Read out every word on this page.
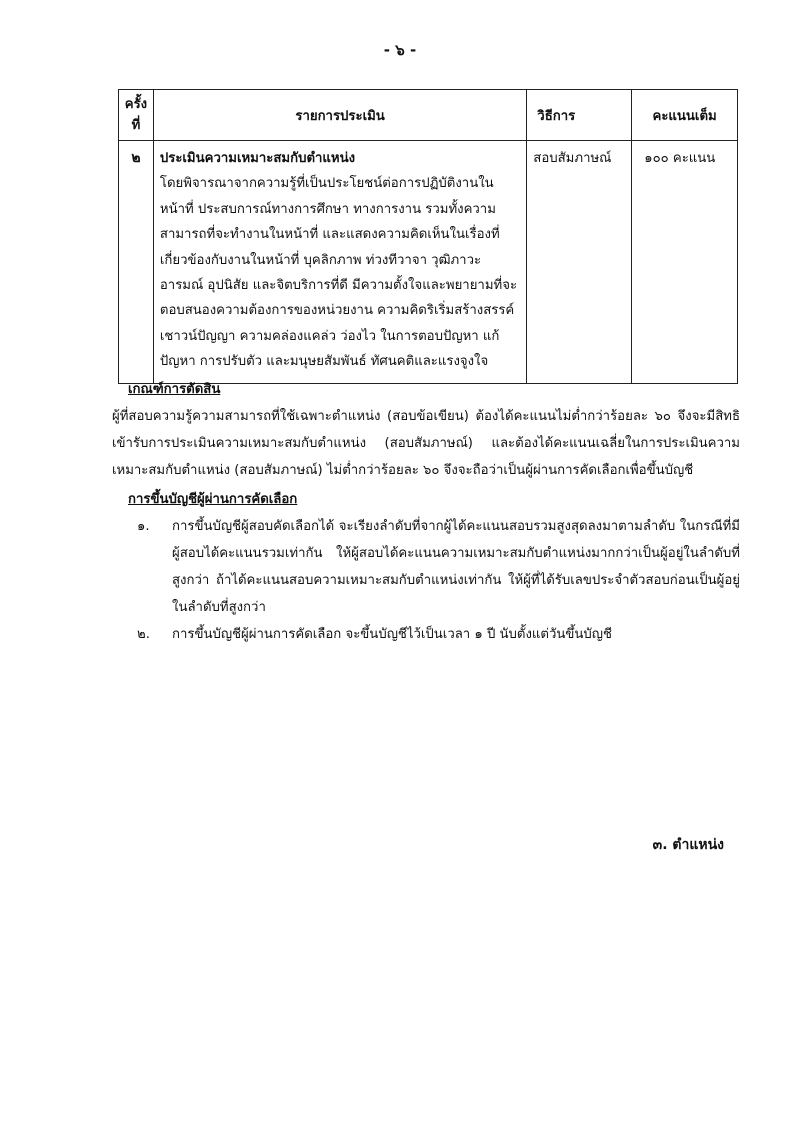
- ๖ -
ครั้งที่	รายการประเมิน	วิธีการ	คะแนนเต็ม
๒	ประเมินความเหมาะสมกับตำแหน่ง
โดยพิจารณาจากความรู้ที่เป็นประโยชน์ต่อการปฏิบัติงานในหน้าที่ ประสบการณ์ทางการศึกษา ทางการงาน รวมทั้งความสามารถที่จะทำงานในหน้าที่ และแสดงความคิดเห็นในเรื่องที่เกี่ยวข้องกับงานในหน้าที่ บุคลิกภาพ ท่วงทีวาจา วุฒิภาวะ อารมณ์ อุปนิสัย และจิตบริการที่ดี มีความตั้งใจและพยายามที่จะตอบสนองความต้องการของหน่วยงาน ความคิดริเริ่มสร้างสรรค์ เชาวน์ปัญญา ความคล่องแคล่ว ว่องไว ในการตอบปัญหา แก้ปัญหา การปรับตัว และมนุษยสัมพันธ์ ทัศนคติและแรงจูงใจ	สอบสัมภาษณ์	๑๐๐ คะแนน
เกณฑ์การตัดสิน
ผู้ที่สอบความรู้ความสามารถที่ใช้เฉพาะตำแหน่ง (สอบข้อเขียน) ต้องได้คะแนนไม่ต่ำกว่าร้อยละ ๖๐ จึงจะมีสิทธิเข้ารับการประเมินความเหมาะสมกับตำแหน่ง (สอบสัมภาษณ์) และต้องได้คะแนนเฉลี่ยในการประเมินความเหมาะสมกับตำแหน่ง (สอบสัมภาษณ์) ไม่ต่ำกว่าร้อยละ ๖๐ จึงจะถือว่าเป็นผู้ผ่านการคัดเลือกเพื่อขึ้นบัญชี
การขึ้นบัญชีผู้ผ่านการคัดเลือก
๑. การขึ้นบัญชีผู้สอบคัดเลือกได้ จะเรียงลำดับที่จากผู้ได้คะแนนสอบรวมสูงสุดลงมาตามลำดับ ในกรณีที่มีผู้สอบได้คะแนนรวมเท่ากัน ให้ผู้สอบได้คะแนนความเหมาะสมกับตำแหน่งมากกว่าเป็นผู้อยู่ในลำดับที่สูงกว่า ถ้าได้คะแนนสอบความเหมาะสมกับตำแหน่งเท่ากัน ให้ผู้ที่ได้รับเลขประจำตัวสอบก่อนเป็นผู้อยู่ในลำดับที่สูงกว่า
๒. การขึ้นบัญชีผู้ผ่านการคัดเลือก จะขึ้นบัญชีไว้เป็นเวลา ๑ ปี นับตั้งแต่วันขึ้นบัญชี
๓. ตำแหน่ง
